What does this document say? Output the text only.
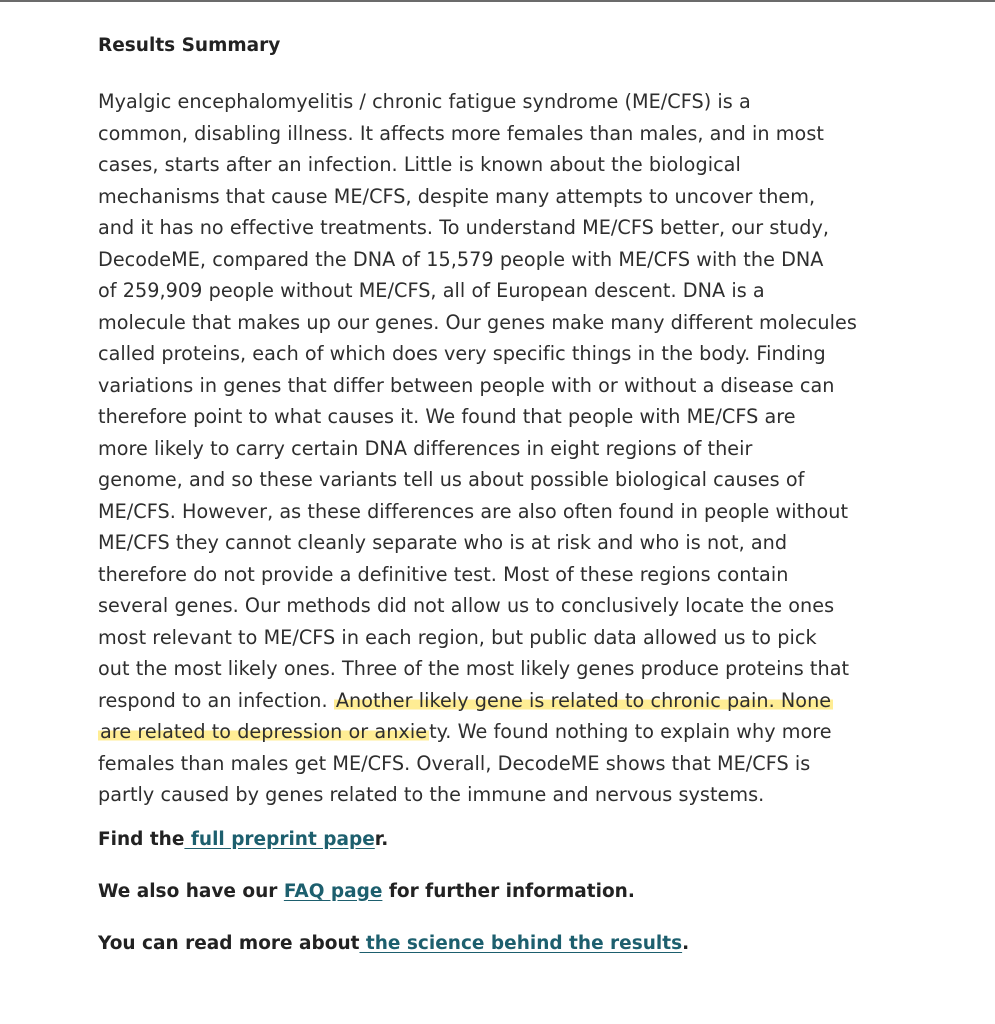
Results Summary

Myalgic encephalomyelitis / chronic fatigue syndrome (ME/CFS) is a
common, disabling illness. It affects more females than males, and in most
cases, starts after an infection. Little is known about the biological
mechanisms that cause ME/CFS, despite many attempts to uncover them,
and it has no effective treatments. To understand ME/CFS better, our study,
DecodeME, compared the DNA of 15,579 people with ME/CFS with the DNA
of 259,909 people without ME/CFS, all of European descent. DNA is a
molecule that makes up our genes. Our genes make many different molecules
called proteins, each of which does very specific things in the body. Finding
variations in genes that differ between people with or without a disease can
therefore point to what causes it. We found that people with ME/CFS are
more likely to carry certain DNA differences in eight regions of their
genome, and so these variants tell us about possible biological causes of
ME/CFS. However, as these differences are also often found in people without
ME/CFS they cannot cleanly separate who is at risk and who is not, and
therefore do not provide a definitive test. Most of these regions contain
several genes. Our methods did not allow us to conclusively locate the ones
most relevant to ME/CFS in each region, but public data allowed us to pick
out the most likely ones. Three of the most likely genes produce proteins that
respond to an infection. Another likely gene is related to chronic pain. None
are related to depression or anxie ty. We found nothing to explain why more
females than males get ME/CFS. Overall, DecodeME shows that ME/CFS is
partly caused by genes related to the immune and nervous systems.

Find the full preprint paper.

We also have our FAQ page for further information.

You can read more about the science behind the results.
